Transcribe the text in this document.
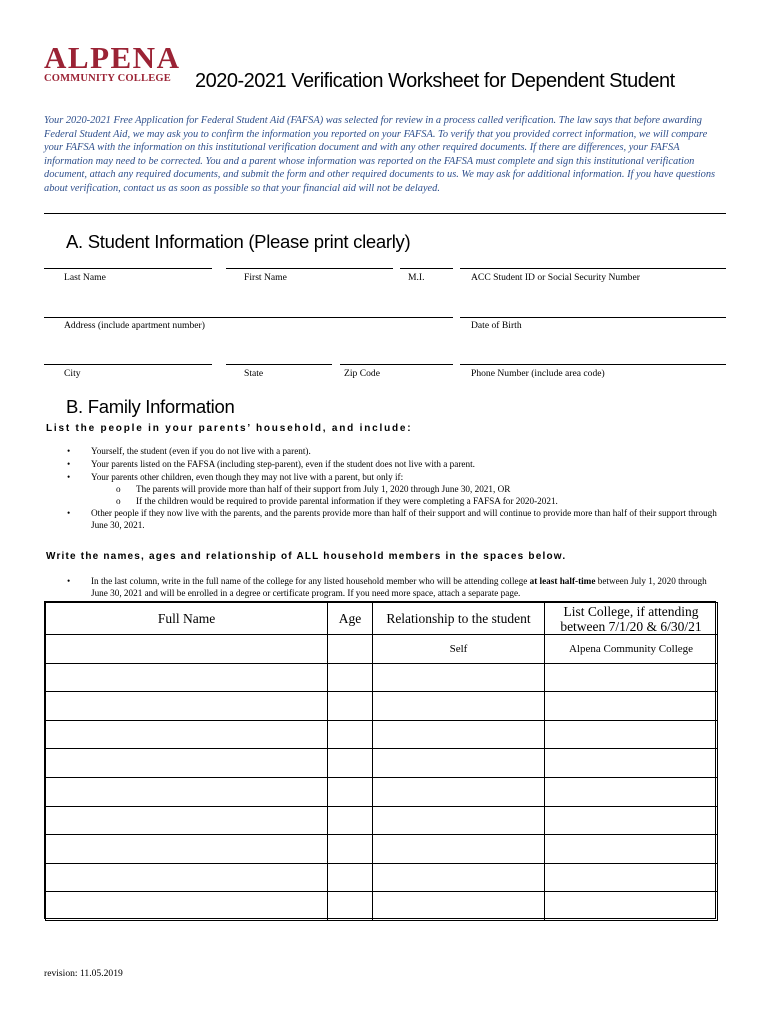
ALPENA
COMMUNITY COLLEGE	2020-2021 Verification Worksheet for Dependent Student
Your 2020-2021 Free Application for Federal Student Aid (FAFSA) was selected for review in a process called verification. The law says that before awarding Federal Student Aid, we may ask you to confirm the information you reported on your FAFSA. To verify that you provided correct information, we will compare your FAFSA with the information on this institutional verification document and with any other required documents. If there are differences, your FAFSA information may need to be corrected. You and a parent whose information was reported on the FAFSA must complete and sign this institutional verification document, attach any required documents, and submit the form and other required documents to us. We may ask for additional information. If you have questions about verification, contact us as soon as possible so that your financial aid will not be delayed.
A. Student Information (Please print clearly)
Last Name	First Name	M.I.	ACC Student ID or Social Security Number
Address (include apartment number)	Date of Birth
City	State	Zip Code	Phone Number (include area code)
B. Family Information
List the people in your parents’ household, and include:
• Yourself, the student (even if you do not live with a parent).
• Your parents listed on the FAFSA (including step-parent), even if the student does not live with a parent.
• Your parents other children, even though they may not live with a parent, but only if:
o The parents will provide more than half of their support from July 1, 2020 through June 30, 2021, OR
o If the children would be required to provide parental information if they were completing a FAFSA for 2020-2021.
• Other people if they now live with the parents, and the parents provide more than half of their support and will continue to provide more than half of their support through June 30, 2021.
Write the names, ages and relationship of ALL household members in the spaces below.
• In the last column, write in the full name of the college for any listed household member who will be attending college at least half-time between July 1, 2020 through June 30, 2021 and will be enrolled in a degree or certificate program. If you need more space, attach a separate page.
Full Name	Age	Relationship to the student	List College, if attending between 7/1/20 & 6/30/21
		Self	Alpena Community College

revision: 11.05.2019
